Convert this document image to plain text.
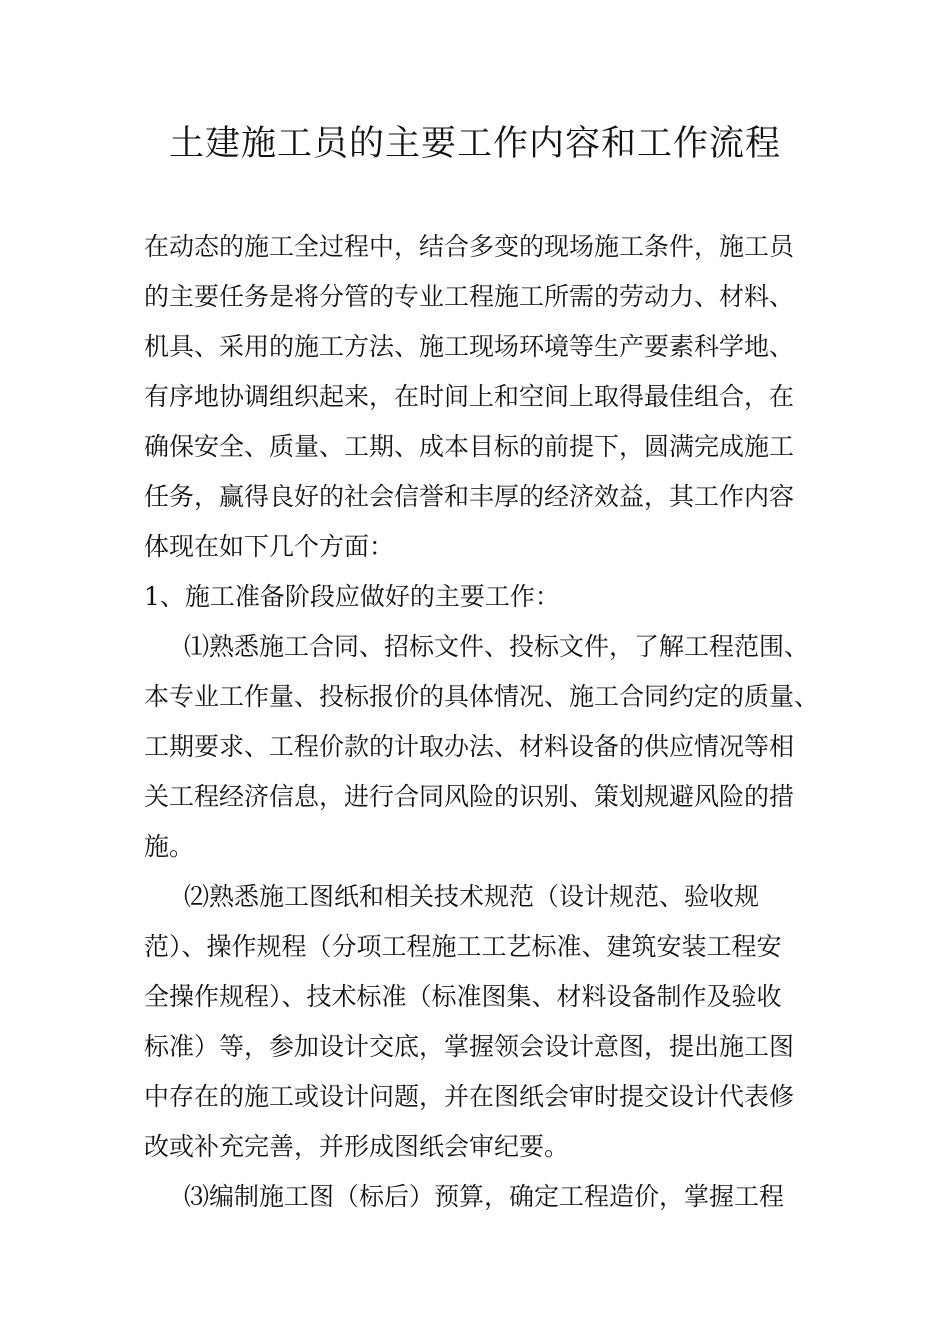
土建施工员的主要工作内容和工作流程
在动态的施工全过程中，结合多变的现场施工条件，施工员
的主要任务是将分管的专业工程施工所需的劳动力、材料、
机具、采用的施工方法、施工现场环境等生产要素科学地、
有序地协调组织起来，在时间上和空间上取得最佳组合，在
确保安全、质量、工期、成本目标的前提下，圆满完成施工
任务，赢得良好的社会信誉和丰厚的经济效益，其工作内容
体现在如下几个方面：
1、施工准备阶段应做好的主要工作：
⑴熟悉施工合同、招标文件、投标文件，了解工程范围、
本专业工作量、投标报价的具体情况、施工合同约定的质量、
工期要求、工程价款的计取办法、材料设备的供应情况等相
关工程经济信息，进行合同风险的识别、策划规避风险的措
施。
⑵熟悉施工图纸和相关技术规范（设计规范、验收规
范）、操作规程（分项工程施工工艺标准、建筑安装工程安
全操作规程）、技术标准（标准图集、材料设备制作及验收
标准）等，参加设计交底，掌握领会设计意图，提出施工图
中存在的施工或设计问题，并在图纸会审时提交设计代表修
改或补充完善，并形成图纸会审纪要。
⑶编制施工图（标后）预算，确定工程造价，掌握工程
